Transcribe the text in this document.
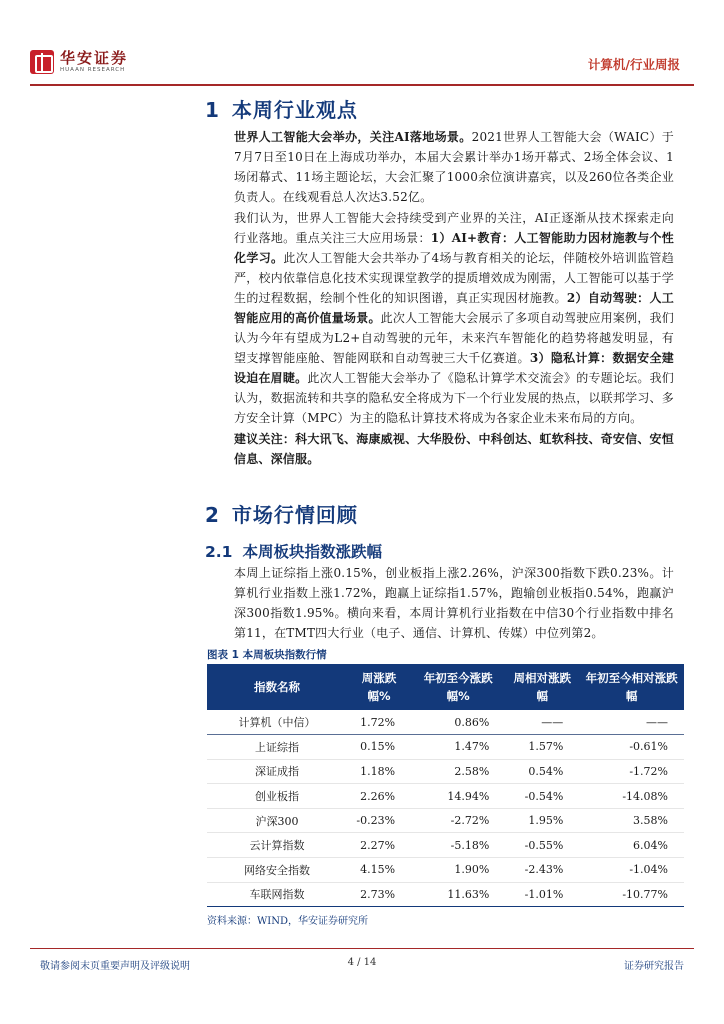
华安证券
HUAAN RESEARCH	计算机/行业周报
1 本周行业观点
世界人工智能大会举办，关注AI落地场景。2021世界人工智能大会（WAIC）于7月7日至10日在上海成功举办，本届大会累计举办1场开幕式、2场全体会议、1场闭幕式、11场主题论坛，大会汇聚了1000余位演讲嘉宾，以及260位各类企业负责人。在线观看总人次达3.52亿。
我们认为，世界人工智能大会持续受到产业界的关注，AI正逐渐从技术探索走向行业落地。重点关注三大应用场景：1）AI+教育：人工智能助力因材施教与个性化学习。此次人工智能大会共举办了4场与教育相关的论坛，伴随校外培训监管趋严，校内依靠信息化技术实现课堂教学的提质增效成为刚需，人工智能可以基于学生的过程数据，绘制个性化的知识图谱，真正实现因材施教。2）自动驾驶：人工智能应用的高价值量场景。此次人工智能大会展示了多项自动驾驶应用案例，我们认为今年有望成为L2+自动驾驶的元年，未来汽车智能化的趋势将越发明显，有望支撑智能座舱、智能网联和自动驾驶三大千亿赛道。3）隐私计算：数据安全建设迫在眉睫。此次人工智能大会举办了《隐私计算学术交流会》的专题论坛。我们认为，数据流转和共享的隐私安全将成为下一个行业发展的热点，以联邦学习、多方安全计算（MPC）为主的隐私计算技术将成为各家企业未来布局的方向。
建议关注：科大讯飞、海康威视、大华股份、中科创达、虹软科技、奇安信、安恒信息、深信服。
2 市场行情回顾
2.1 本周板块指数涨跌幅
本周上证综指上涨0.15%，创业板指上涨2.26%，沪深300指数下跌0.23%。计算机行业指数上涨1.72%，跑赢上证综指1.57%，跑输创业板指0.54%，跑赢沪深300指数1.95%。横向来看，本周计算机行业指数在中信30个行业指数中排名第11，在TMT四大行业（电子、通信、计算机、传媒）中位列第2。
图表 1 本周板块指数行情
指数名称	周涨跌幅%	年初至今涨跌幅%	周相对涨跌幅	年初至今相对涨跌幅
计算机（中信）	1.72%	0.86%	——	——
上证综指	0.15%	1.47%	1.57%	-0.61%
深证成指	1.18%	2.58%	0.54%	-1.72%
创业板指	2.26%	14.94%	-0.54%	-14.08%
沪深300	-0.23%	-2.72%	1.95%	3.58%
云计算指数	2.27%	-5.18%	-0.55%	6.04%
网络安全指数	4.15%	1.90%	-2.43%	-1.04%
车联网指数	2.73%	11.63%	-1.01%	-10.77%
资料来源：WIND，华安证券研究所
敬请参阅末页重要声明及评级说明	4 / 14	证券研究报告
